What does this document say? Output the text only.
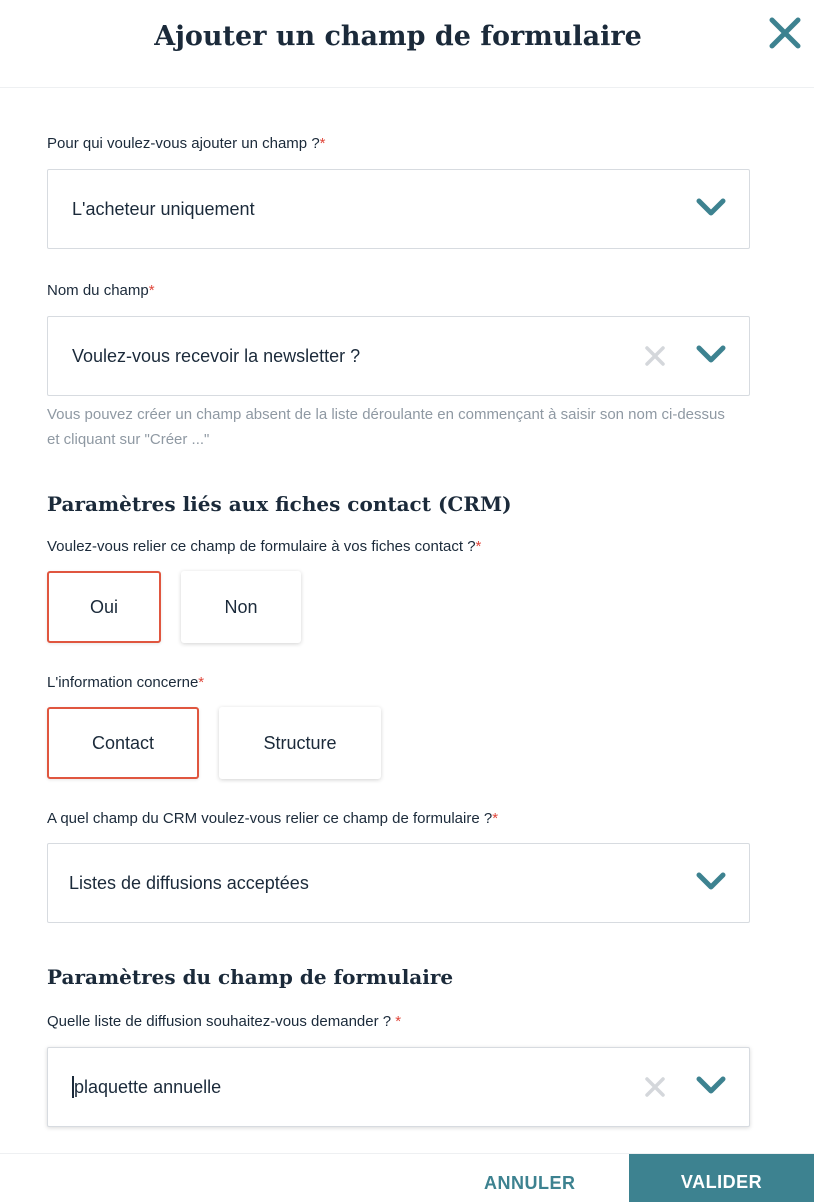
Ajouter un champ de formulaire
Pour qui voulez-vous ajouter un champ ?*
L'acheteur uniquement
Nom du champ*
Voulez-vous recevoir la newsletter ?
Vous pouvez créer un champ absent de la liste déroulante en commençant à saisir son nom ci-dessus et cliquant sur "Créer ..."
Paramètres liés aux fiches contact (CRM)
Voulez-vous relier ce champ de formulaire à vos fiches contact ?*
Oui	Non
L'information concerne*
Contact	Structure
A quel champ du CRM voulez-vous relier ce champ de formulaire ?*
Listes de diffusions acceptées
Paramètres du champ de formulaire
Quelle liste de diffusion souhaitez-vous demander ? *
plaquette annuelle
ANNULER	VALIDER
